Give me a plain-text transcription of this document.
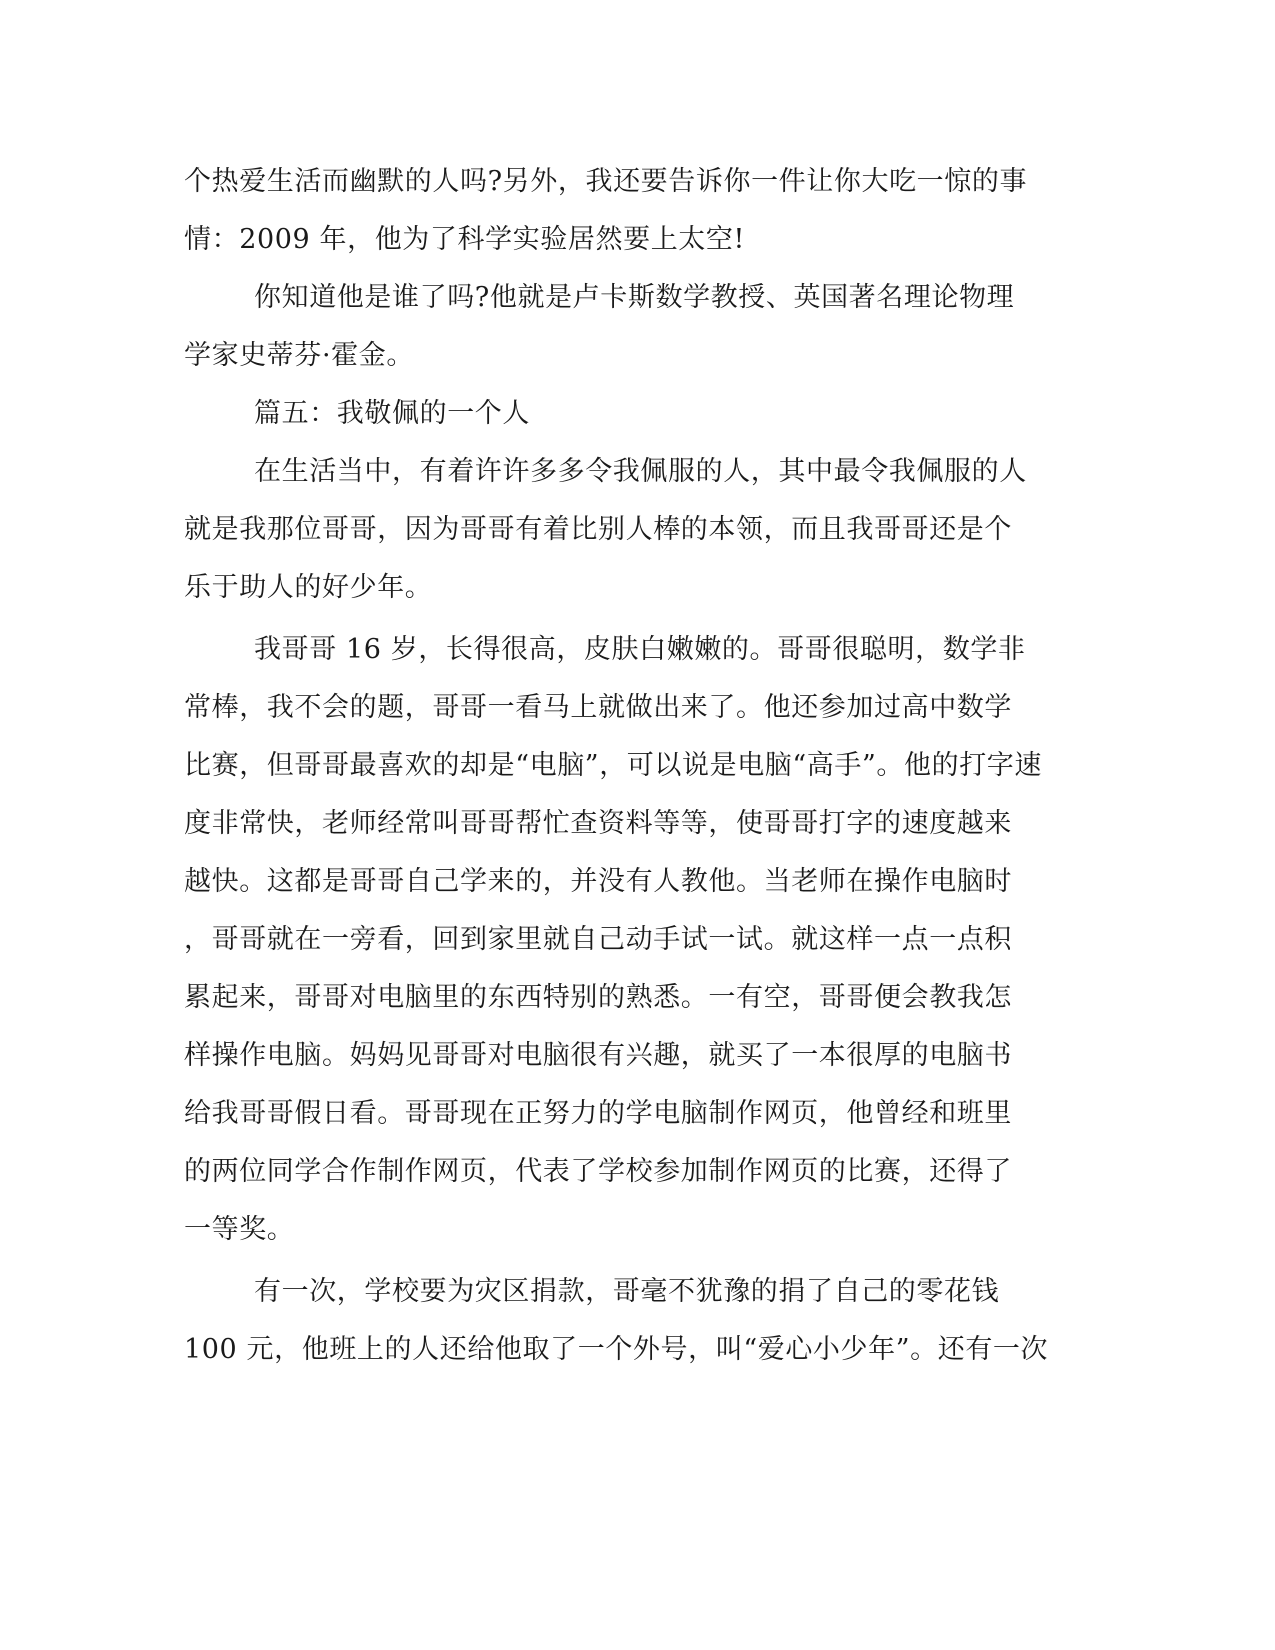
个热爱生活而幽默的人吗?另外，我还要告诉你一件让你大吃一惊的事
情：2009 年，他为了科学实验居然要上太空!
你知道他是谁了吗?他就是卢卡斯数学教授、英国著名理论物理
学家史蒂芬·霍金。
篇五：我敬佩的一个人
在生活当中，有着许许多多令我佩服的人，其中最令我佩服的人
就是我那位哥哥，因为哥哥有着比别人棒的本领，而且我哥哥还是个
乐于助人的好少年。
我哥哥 16 岁，长得很高，皮肤白嫩嫩的。哥哥很聪明，数学非
常棒，我不会的题，哥哥一看马上就做出来了。他还参加过高中数学
比赛，但哥哥最喜欢的却是“电脑”，可以说是电脑“高手”。他的打字速
度非常快，老师经常叫哥哥帮忙查资料等等，使哥哥打字的速度越来
越快。这都是哥哥自己学来的，并没有人教他。当老师在操作电脑时
，哥哥就在一旁看，回到家里就自己动手试一试。就这样一点一点积
累起来，哥哥对电脑里的东西特别的熟悉。一有空，哥哥便会教我怎
样操作电脑。妈妈见哥哥对电脑很有兴趣，就买了一本很厚的电脑书
给我哥哥假日看。哥哥现在正努力的学电脑制作网页，他曾经和班里
的两位同学合作制作网页，代表了学校参加制作网页的比赛，还得了
一等奖。
有一次，学校要为灾区捐款，哥毫不犹豫的捐了自己的零花钱
100 元，他班上的人还给他取了一个外号，叫“爱心小少年”。还有一次
